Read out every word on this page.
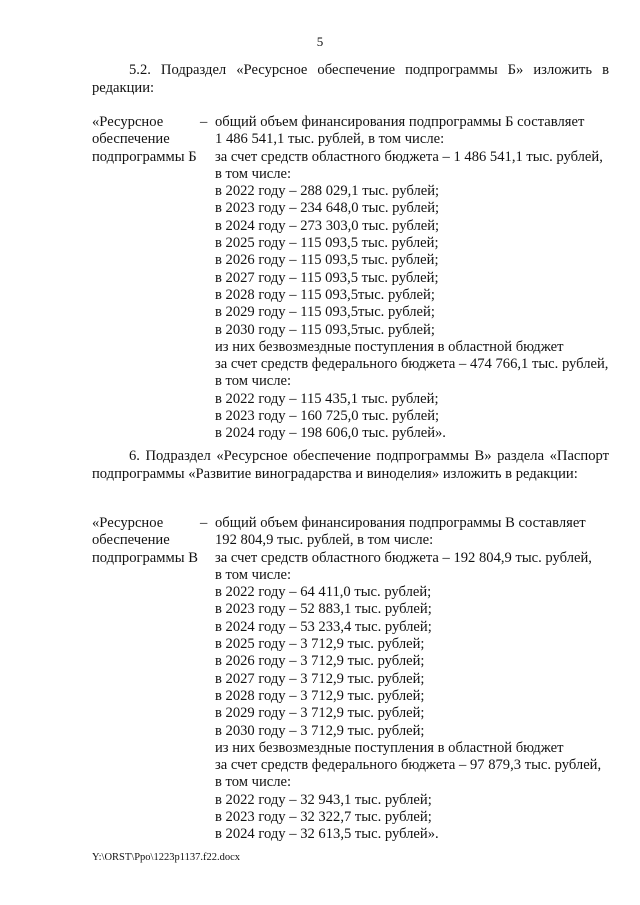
5
5.2. Подраздел «Ресурсное обеспечение подпрограммы Б» изложить в редакции:
«Ресурсное
обеспечение
подпрограммы Б
– общий объем финансирования подпрограммы Б составляет
1 486 541,1 тыс. рублей, в том числе:
за счет средств областного бюджета – 1 486 541,1 тыс. рублей,
в том числе:
в 2022 году – 288 029,1 тыс. рублей;
в 2023 году – 234 648,0 тыс. рублей;
в 2024 году – 273 303,0 тыс. рублей;
в 2025 году – 115 093,5 тыс. рублей;
в 2026 году – 115 093,5 тыс. рублей;
в 2027 году – 115 093,5 тыс. рублей;
в 2028 году – 115 093,5тыс. рублей;
в 2029 году – 115 093,5тыс. рублей;
в 2030 году – 115 093,5тыс. рублей;
из них безвозмездные поступления в областной бюджет
за счет средств федерального бюджета – 474 766,1 тыс. рублей,
в том числе:
в 2022 году – 115 435,1 тыс. рублей;
в 2023 году – 160 725,0 тыс. рублей;
в 2024 году – 198 606,0 тыс. рублей».
6. Подраздел «Ресурсное обеспечение подпрограммы В» раздела «Паспорт подпрограммы «Развитие виноградарства и виноделия» изложить в редакции:
«Ресурсное
обеспечение
подпрограммы В
– общий объем финансирования подпрограммы В составляет
192 804,9 тыс. рублей, в том числе:
за счет средств областного бюджета – 192 804,9 тыс. рублей,
в том числе:
в 2022 году – 64 411,0 тыс. рублей;
в 2023 году – 52 883,1 тыс. рублей;
в 2024 году – 53 233,4 тыс. рублей;
в 2025 году – 3 712,9 тыс. рублей;
в 2026 году – 3 712,9 тыс. рублей;
в 2027 году – 3 712,9 тыс. рублей;
в 2028 году – 3 712,9 тыс. рублей;
в 2029 году – 3 712,9 тыс. рублей;
в 2030 году – 3 712,9 тыс. рублей;
из них безвозмездные поступления в областной бюджет
за счет средств федерального бюджета – 97 879,3 тыс. рублей,
в том числе:
в 2022 году – 32 943,1 тыс. рублей;
в 2023 году – 32 322,7 тыс. рублей;
в 2024 году – 32 613,5 тыс. рублей».
Y:\ORST\Ppo\1223p1137.f22.docx
